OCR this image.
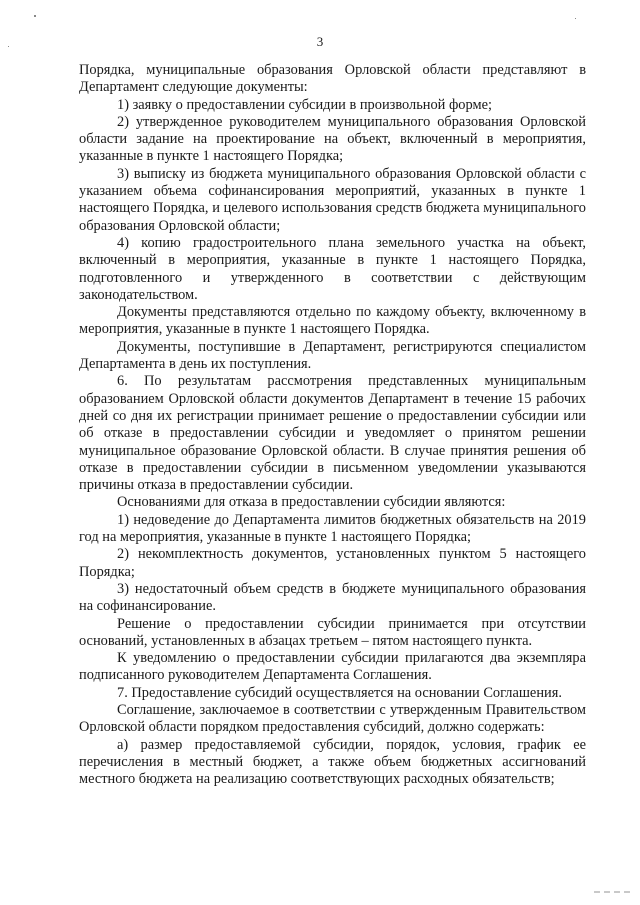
3

Порядка, муниципальные образования Орловской области представляют в Департамент следующие документы:

1) заявку о предоставлении субсидии в произвольной форме;

2) утвержденное руководителем муниципального образования Орловской области задание на проектирование на объект, включенный в мероприятия, указанные в пункте 1 настоящего Порядка;

3) выписку из бюджета муниципального образования Орловской области с указанием объема софинансирования мероприятий, указанных в пункте 1 настоящего Порядка, и целевого использования средств бюджета муниципального образования Орловской области;

4) копию градостроительного плана земельного участка на объект, включенный в мероприятия, указанные в пункте 1 настоящего Порядка, подготовленного и утвержденного в соответствии с действующим законодательством.

Документы представляются отдельно по каждому объекту, включенному в мероприятия, указанные в пункте 1 настоящего Порядка.

Документы, поступившие в Департамент, регистрируются специалистом Департамента в день их поступления.

6. По результатам рассмотрения представленных муниципальным образованием Орловской области документов Департамент в течение 15 рабочих дней со дня их регистрации принимает решение о предоставлении субсидии или об отказе в предоставлении субсидии и уведомляет о принятом решении муниципальное образование Орловской области. В случае принятия решения об отказе в предоставлении субсидии в письменном уведомлении указываются причины отказа в предоставлении субсидии.

Основаниями для отказа в предоставлении субсидии являются:

1) недоведение до Департамента лимитов бюджетных обязательств на 2019 год на мероприятия, указанные в пункте 1 настоящего Порядка;

2) некомплектность документов, установленных пунктом 5 настоящего Порядка;

3) недостаточный объем средств в бюджете муниципального образования на софинансирование.

Решение о предоставлении субсидии принимается при отсутствии оснований, установленных в абзацах третьем – пятом настоящего пункта.

К уведомлению о предоставлении субсидии прилагаются два экземпляра подписанного руководителем Департамента Соглашения.

7. Предоставление субсидий осуществляется на основании Соглашения.

Соглашение, заключаемое в соответствии с утвержденным Правительством Орловской области порядком предоставления субсидий, должно содержать:

а) размер предоставляемой субсидии, порядок, условия, график ее перечисления в местный бюджет, а также объем бюджетных ассигнований местного бюджета на реализацию соответствующих расходных обязательств;
